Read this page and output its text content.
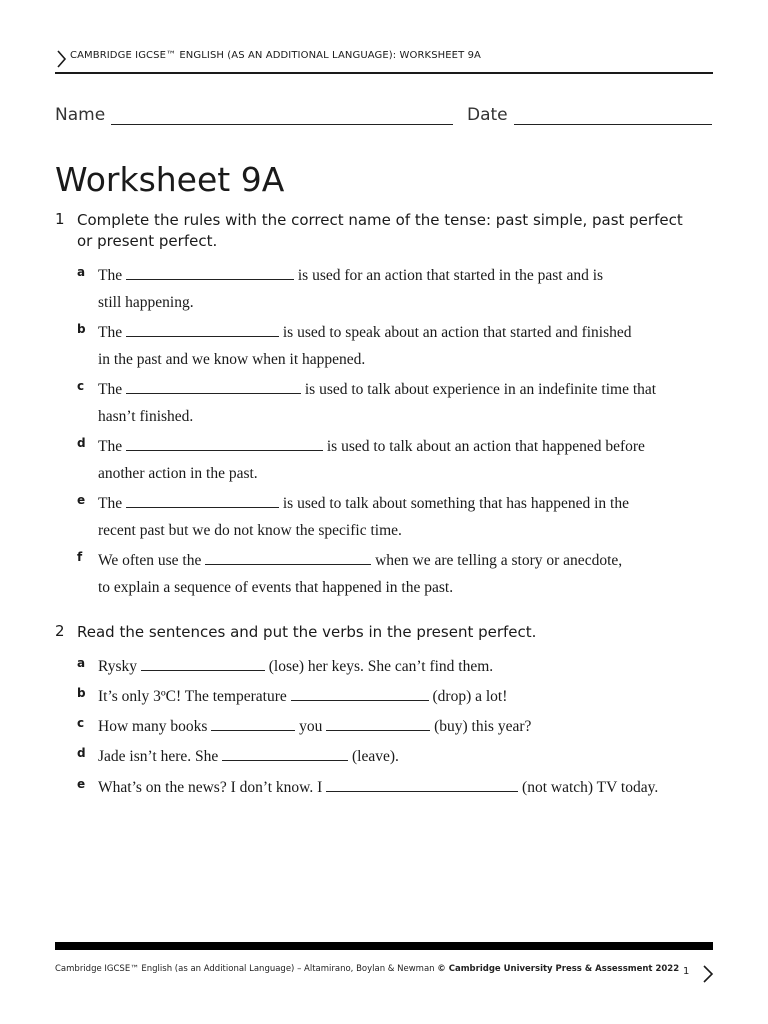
CAMBRIDGE IGCSE™ ENGLISH (AS AN ADDITIONAL LANGUAGE): WORKSHEET 9A
Name	Date
Worksheet 9A
1 Complete the rules with the correct name of the tense: past simple, past perfect or present perfect.
a The	is used for an action that started in the past and is
still happening.
b The	is used to speak about an action that started and finished
in the past and we know when it happened.
c The	is used to talk about experience in an indefinite time that
hasn’t finished.
d The	is used to talk about an action that happened before
another action in the past.
e The	is used to talk about something that has happened in the
recent past but we do not know the specific time.
f We often use the	when we are telling a story or anecdote,
to explain a sequence of events that happened in the past.
2 Read the sentences and put the verbs in the present perfect.
a Rysky	(lose) her keys. She can’t find them.
b It’s only 3ºC! The temperature	(drop) a lot!
c How many books	you	(buy) this year?
d Jade isn’t here. She	(leave).
e What’s on the news? I don’t know. I	(not watch) TV today.
Cambridge IGCSE™ English (as an Additional Language) – Altamirano, Boylan & Newman © Cambridge University Press & Assessment 2022 1
